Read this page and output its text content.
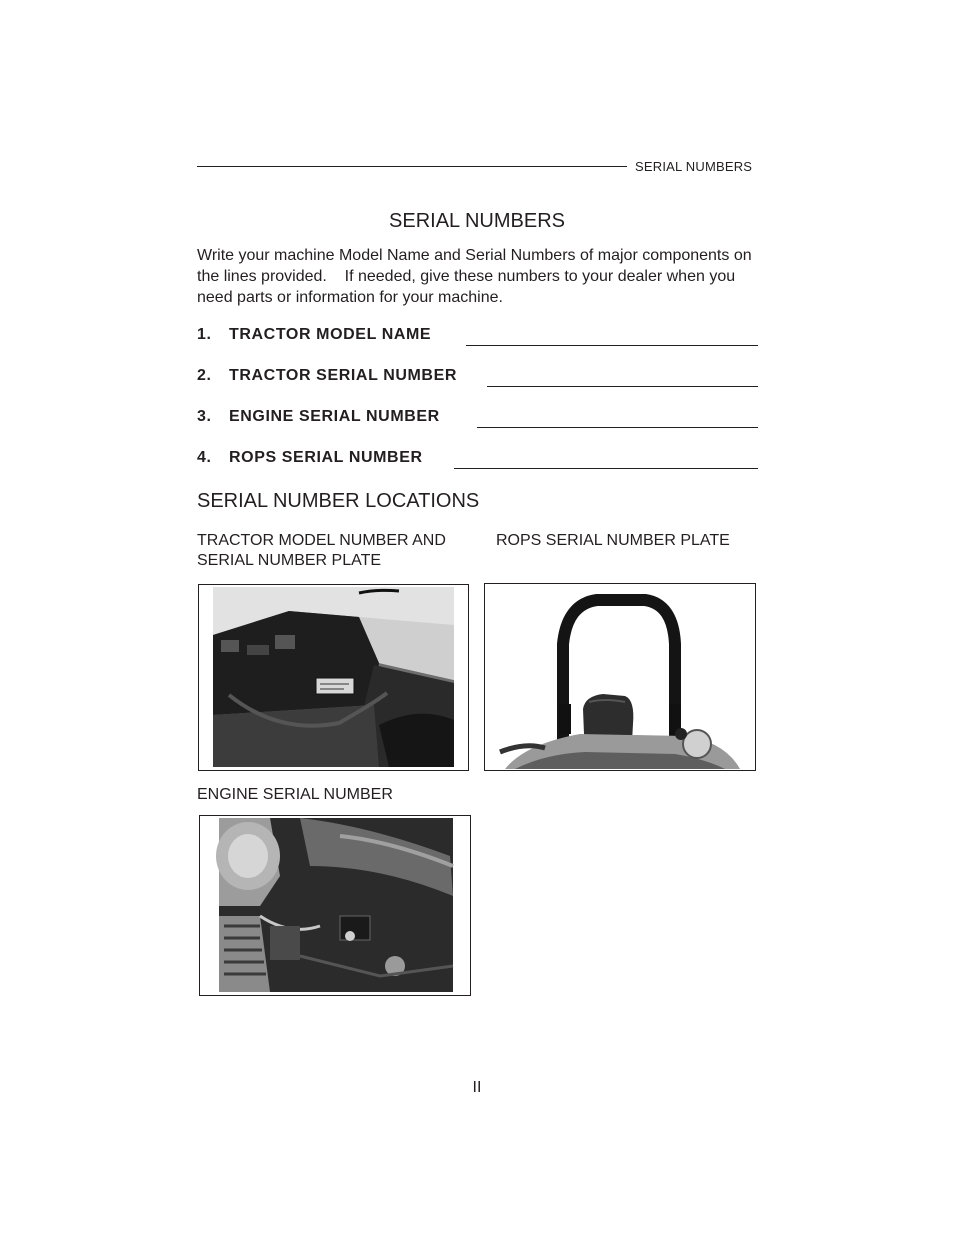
SERIAL NUMBERS
SERIAL NUMBERS

Write your machine Model Name and Serial Numbers of major components on the lines provided.    If needed, give these numbers to your dealer when you need parts or information for your machine.

1. TRACTOR MODEL NAME
2. TRACTOR SERIAL NUMBER
3. ENGINE SERIAL NUMBER
4. ROPS SERIAL NUMBER
SERIAL NUMBER LOCATIONS
TRACTOR MODEL NUMBER AND SERIAL NUMBER PLATE
ROPS SERIAL NUMBER PLATE
ENGINE SERIAL NUMBER
II
